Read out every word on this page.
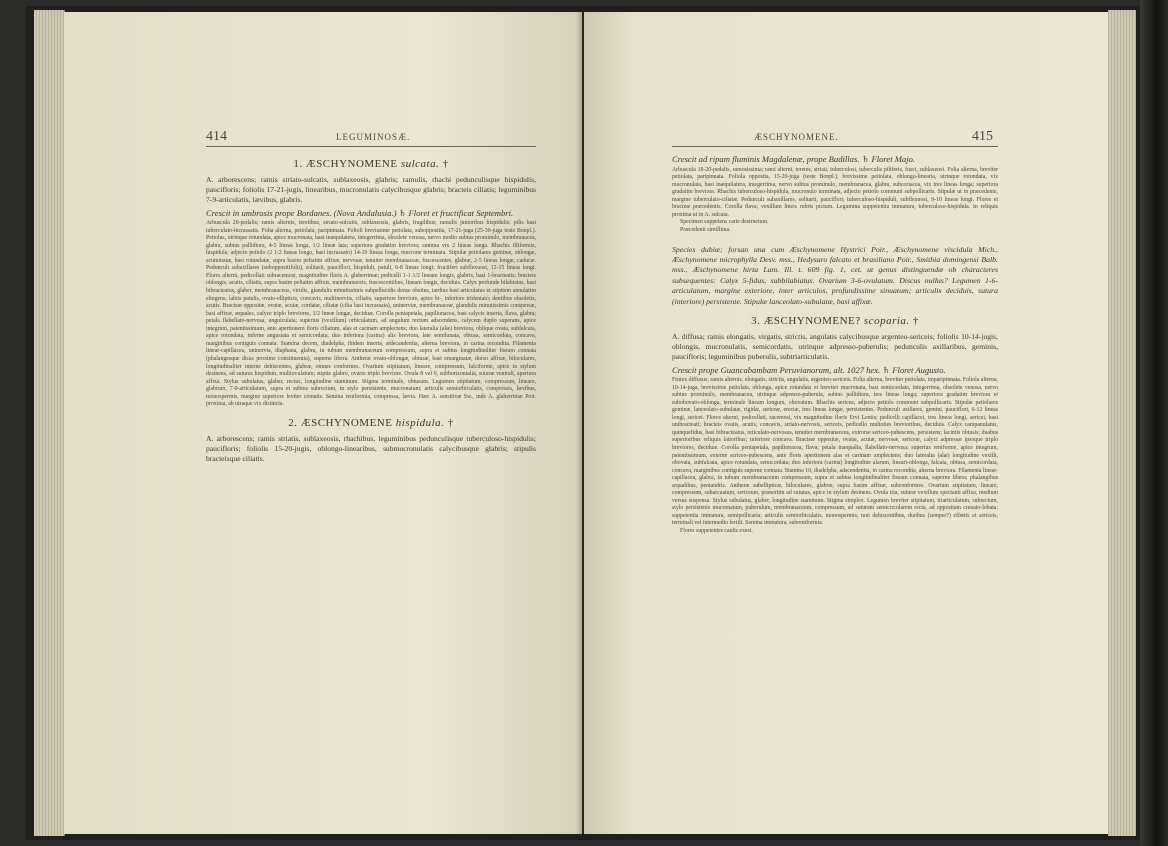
414	LEGUMINOSÆ.
1. ÆSCHYNOMENE sulcata. †

A. arborescens; ramis striato-sulcatis, sublaxeosis, glabris; ramulis, rhachi pedunculisque hispidulis, paucifloris; foliolis 17-21-jugis, linearibus, mucronulatis calycibusque glabris; bracteis ciliatis; leguminibus 7-9-articulatis, lævibus, glabris.

Crescit in umbrosis prope Bordanes. (Nova Andalusia.) ♄ Floret et fructificat Septembri.

Arbuscula 20-pedalis; ramis alternis, teretibus, striato-sulcatis, sublaxeosis, glabris, fragilibus; ramulis junioribus hispidulis: pilis basi tuberculato-incrassatis. Folia alterna, petiolata, paripinnata. Folioli brevissime petiolata, suboppositia, 17-21-juga (25-30-juga teste Bonpl.). Petiolus, utrinque rotundata, apice mucronata, basi inæquilatera, integerrima, obsolete venosa, nervo medio subtus prominulo, membranacea, glabra, subtus pallidiora, 4-5 lineas longa, 1/2 lineæ lata; superiora gradatim breviora; summa vix 2 lineas longa. Rhachis filiformis, hispidula, adjecto petiolo (2 1/2 lineas longo, basi incrassato) 14-19 lineas longa, mucrone terminata. Stipulæ petiolares geminæ, oblongæ, acuminatæ, basi rotundatæ, supra basim peltatim affixæ, nervosæ, tenuiter membranaceæ, fuscescentes, glabræ, 2-5 lineas longæ, caducæ. Pedunculi subaxillares (suboppositifolii), solitarii, pauciflori, hispiduli, patuli, 6-8 lineas longi; fructiferi subflexuosi, 12-15 lineas longi. Flores alterni, pedicellati subracemosi, magnitudine floris A. glaberrimæ; pedicelli 1-1 1/2 lineam longis, glabris, basi 1-bracteatis; bracteis oblongis, acutis, ciliatis, supra basim peltatim affixis, membranaceis, fuscescentibus, lineam longis, deciduis. Calyx profunde bilabiatus, basi bibracteatus, glaber, membranaceus, viridis, glandulis minutissimis subpellucidis dense obsitus, tardius basi articulatus et stipitem annulatim elingens; labiis patulis, ovato-ellipticis, concavis, multinerviis, ciliatis, superiore breviore, apice bi-, inferiore tridentato; dentibus obsoletis, acutis. Bracteæ oppositæ, ovatæ, acutæ, cordatæ, ciliatæ (cilia basi incrassata), uninerviæ, membranaceæ, glandulis minutissimis conspersæ, basi affixæ, æquales, calyce triplo breviores, 1/2 lineæ longæ, deciduæ. Corolla pentapetala, papilionacea, basi calycis inserta, flava, glabra; petala flabellato-nervosa, unguiculata; superius (vexillum) orbiculatum, ad angulum rectum adscendens, calycem duplo superans, apice integrum, patentissimum, ante apertionem floris ciliatum, alas et carinam amplectens; duo lateralia (alæ) breviora, oblique ovata, subfalcata, apice rotundata, inferne angustata et semicordata; duo inferiora (carina) alis breviora, late semilunata, obtusa, semicordata, concava, marginibus contiguis connata. Stamina decem, diadelpha, ibidem inserta, ædecandentia, alterna breviora, in carina recondita. Filamenta linear-capillacea, uninervia, diaphana, glabra, in tubum membranaceum compressum, supra et subtus longitudinaliter fissum connata (phalangesque dicas proxime constituentia), superne libera. Antheræ ovato-oblongæ, obtusæ, basi emarginatæ, dorso affixæ, biloculares, longitudinaliter interne dehiscentes, glabræ, omnes conformes. Ovarium stipitatum, lineare, compressum, falciforme, apice in stylum desinens, ad suturas hispidum, multiovulatum; stipite glabro, ovario triplo breviore. Ovula 8 vel 9, subhorizontalia, suturæ ventrali, apertura affixa. Stylus subulatus, glaber, rectus, longitudine staminum. Stigma terminale, obtusum. Legumen stipitatum, compressum, lineare, glabrum, 7-9-articulatum, supra et subtus subrectum, in stylo persistente, mucronatum; articulis semiorbiculatis, compressis, lævibus, monospermis, margine superiore leviter crenatis. Semina reniformia, compressa, lævia. Hæc A. sensitivæ Sw., inde A. glaberrimæ Poir. proxima, ab utraque vix distincta.

2. ÆSCHYNOMENE hispidula. †

A. arborescens; ramis striatis, sublaxeosis, rhachibus, leguminibus pedunculisque tuberculoso-hispidulis; paucifloris; foliolis 15-20-jugis, oblongo-linearibus, submucronulatis calycibusque glabris; stipulis bracteisque ciliatis.

ÆSCHYNOMENE.	415

Crescit ad ripam fluminis Magdalenæ, prope Badillas. ♄ Floret Majo.

Arbuscula 18-20-pedalis, ramosissima; rami alterni, teretes, striati, tuberculosi, tuberculis piliferis, fusci, sublaxeosi. Folia alterna, breviter petiolata, paripinnata. Foliola opposita, 15-20-juga (teste Bonpl.), brevissime petiolata, oblongo-linearia, utrinque rotundata, vix mucronulata, basi inæquilatera, integerrima, nervo subtus prominulo, membranacea, glabra, subcoriacea, vix tres lineas longa; superiora gradatim breviora. Rhachis tuberculoso-hispidula, mucronulo terminata, adjecto petiolo communi subpollicaris. Stipulæ ut in præcedente, margine tuberculato-ciliatæ. Pedunculi subaxillares, solitarii, pauciflori, tuberculoso-hispiduli, subflexuosi, 9-10 lineas longi. Flores et bracteæ præcedentis. Corolla flava; vexillum lineis rubris pictum. Legumina suppetentia immatura, tuberculoso-hispidula. In reliquis proxima ut in A. sulcata.

Specimen suppetens carie destructum.

Præcedenti simillima.

Species dubiæ; forsan una cum Æschynomene Hystrici Poir., Æschynomene viscidula Mich., Æschynomene microphylla Desv. mss., Hedysaro falcato et brasiliano Poir., Smithia domingensi Balb. mss., Æschynomene hirta Lam. Ill. t. 609 fig. 1, cet. ut genus distinguendæ ob characteres subsequentes: Calyx 5-fidus, subbilabiatus. Ovarium 3-6-ovulatum. Discus nullus? Legumen 1-6-articulatum, margine exteriore, inter articulos, profundissime sinuatum; articulis deciduis, sutura (interiore) persistente. Stipulæ lanceolato-subulatæ, basi affixæ.

3. ÆSCHYNOMENE? scoparia. †

A. diffusa; ramis elongatis, virgatis, strictis, angulatis calycibusque argenteo-sericeis; foliolis 10-14-jugis, oblongis, mucronulatis, semicordatis, utrinque adpresso-puberulis; pedunculis axillaribus, geminis, paucifloris; leguminibus puberulis, subtriarticulatis.

Crescit prope Guancabambam Peruvianorum, alt. 1027 hex. ♄ Floret Augusto.

Frutex diffusus; ramis alternis, elongatis, strictis, angulatis, argenteo-sericeis. Folia alterna, breviter petiolata, imparipinnata. Foliola alterna, 10-14-juga, brevissime petiolata, oblonga, apice rotundata et breviter mucronata, basi semicordata, integerrima, obsolete venosa, nervo subtus prominulo, membranacea, utrinque adpresso-puberula, subtus pallidiora, tres lineas longa; superiora gradatim breviora et subobovato-oblonga, terminale lineam longum, obovatum. Rhachis sericea, adjecto petiolo communi subpollicaris. Stipulæ petiolares geminæ, lanceolato-subulatæ, rigidæ, sericeæ, erectæ, tres lineas longæ, persistentes. Pedunculi axillares, gemini, pauciflori, 6-12 lineas longi, sericei. Flores alterni, pedicellati, racemosi, vix magnitudine floris Ervi Lentis; pedicelli capillacei, tres lineas longi, sericei, basi unibracteati; bracteis ovatis, acutis, concavis, striato-nervosis, sericeis, pedicello multoties brevioribus, deciduis. Calyx campanulatus, quinquefidus, basi bibracteatus, reticulato-nervosus, tenuiter membranaceus, extrorse sericeo-pubescens, persistens; laciniis obtusis; duabus superioribus reliquis latioribus; inferiore concava. Bracteæ oppositæ, ovatæ, acutæ, nervosæ, sericeæ, calyci adpressæ ipsoque triplo breviores, deciduæ. Corolla pentapetala, papilionacea, flava; petala inæqualia, flabellato-nervosa; superius reniforme, apice integrum, patentissimum, externe sericeo-pubescens, ante floris apertionem alas et carinam amplectens; duo lateralia (alæ) longitudine vexilli, obovata, subfalcata, apice rotundata, semicordata; duo inferiora (carina) longitudine alarum, lineari-oblonga, falcata, obtusa, semicordata, concava, marginibus contiguis superne connata. Stamina 10, diadelpha, adscendentia, in carina recondita, alterna breviora. Filamenta linear-capillacea, glabra, in tubum membranaceum compressum, supra et subtus longitudinaliter fissum connata, superne libera; phalangibus æqualibus, pentandris. Antheræ subellipticæ, biloculares, glabræ, supra basim affixæ, subconformes. Ovarium stipitatum, lineare, compressum, subarcuatum, sericeum, præsertim ad suturas, apice in stylum desinens. Ovula tria, suturæ vexillum spectanti affixa, medium versus suspensa. Stylus subulatus, glaber, longitudine staminum. Stigma simplex. Legumen breviter stipitatum, triarticulatum, subrectum, stylo persistente mucronatum, puberulum, membranaceum, compressum, ad suturam semicircularem recta, ad oppositam crenato-lobata; suppetentia immatura, semipollicaria; articulis semiorbiculatis, monospermis, non dehiscentibus, duobus (semper?) effœtis et sericeis, terminali vel intermedio fertili. Semina immatura, subreniformia.

Flores suppetentes caulis exesi.
